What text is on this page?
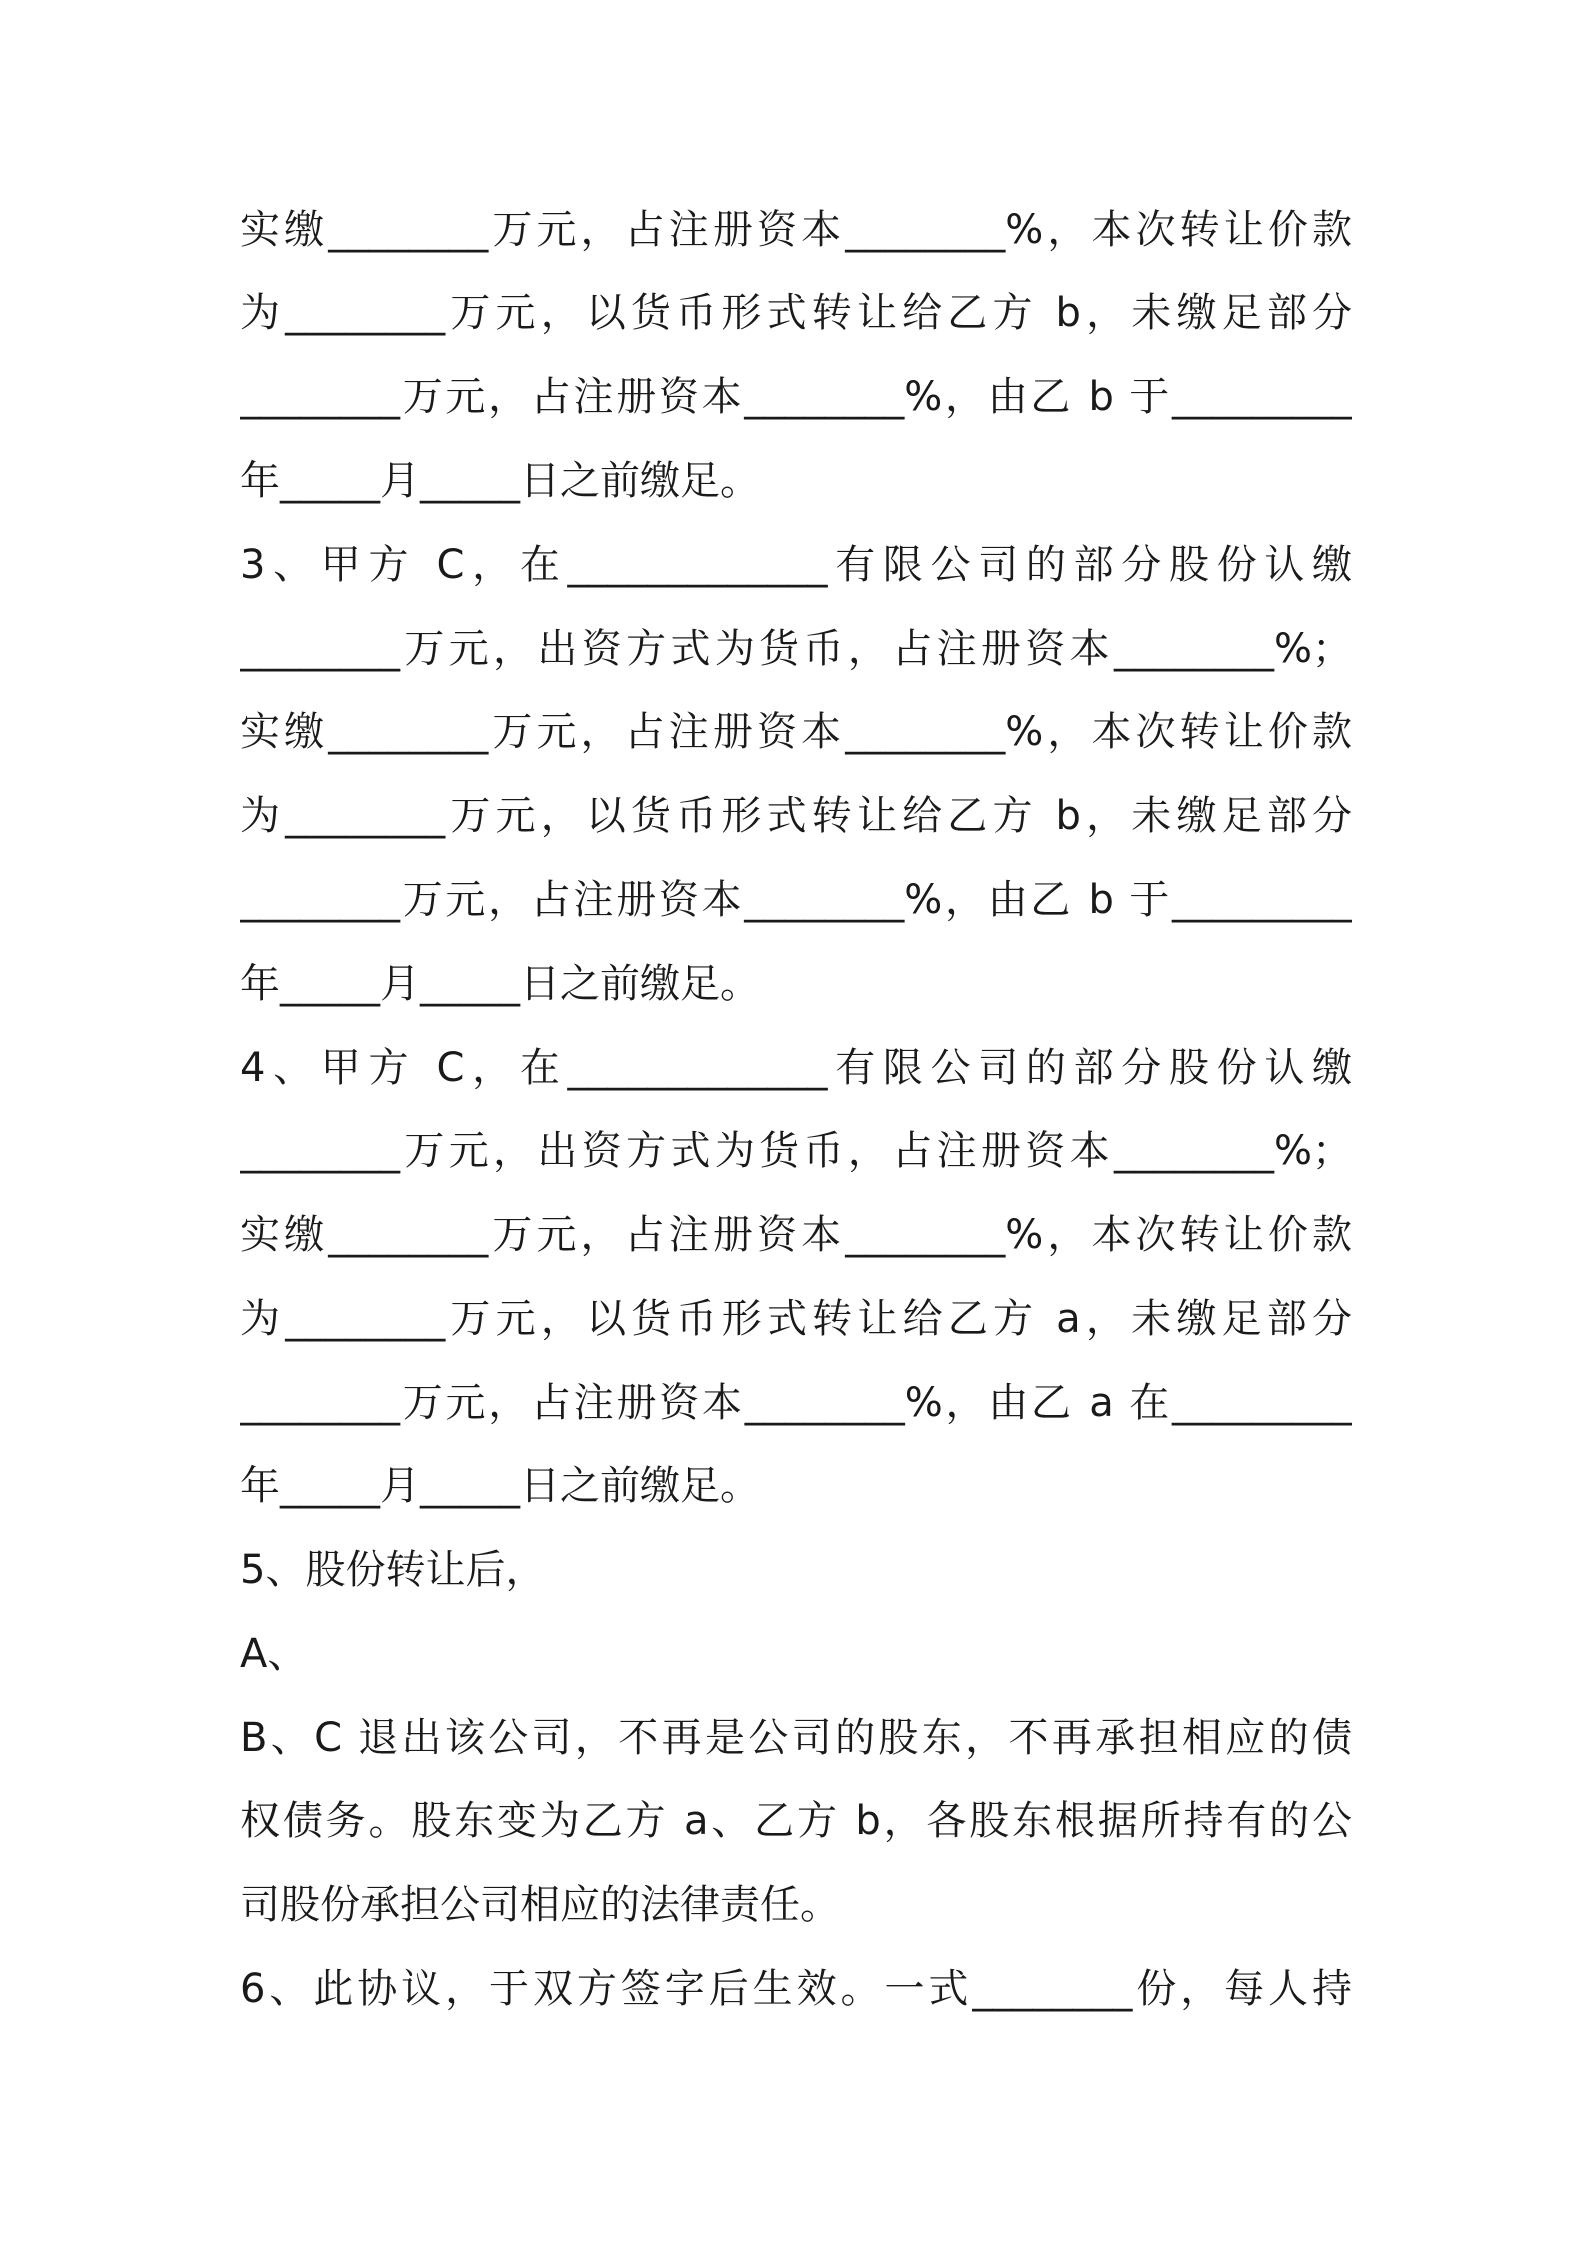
实缴________万元，占注册资本________%，本次转让价款
为________万元，以货币形式转让给乙方 b，未缴足部分
________万元，占注册资本________%，由乙 b 于_________
年_____月_____日之前缴足。
3、甲方 C，在_____________有限公司的部分股份认缴
________万元，出资方式为货币，占注册资本________%；
实缴________万元，占注册资本________%，本次转让价款
为________万元，以货币形式转让给乙方 b，未缴足部分
________万元，占注册资本________%，由乙 b 于_________
年_____月_____日之前缴足。
4、甲方 C，在_____________有限公司的部分股份认缴
________万元，出资方式为货币，占注册资本________%；
实缴________万元，占注册资本________%，本次转让价款
为________万元，以货币形式转让给乙方 a，未缴足部分
________万元，占注册资本________%，由乙 a 在_________
年_____月_____日之前缴足。
5、股份转让后，
A、
B、C 退出该公司，不再是公司的股东，不再承担相应的债
权债务。股东变为乙方 a、乙方 b，各股东根据所持有的公
司股份承担公司相应的法律责任。
6、此协议，于双方签字后生效。一式________份，每人持
